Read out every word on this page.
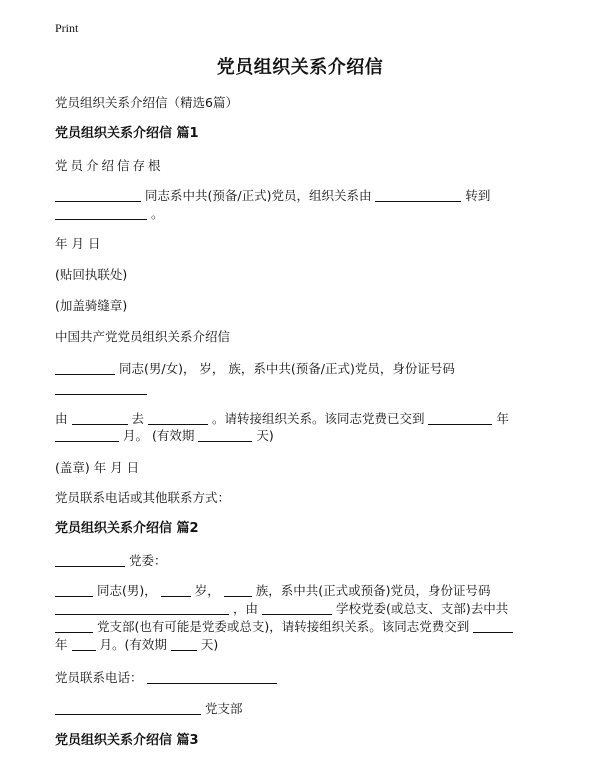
Print
党员组织关系介绍信
党员组织关系介绍信（精选6篇）
党员组织关系介绍信 篇1
党员介绍信存根
同志系中共(预备/正式)党员，组织关系由	转到
。
年 月 日
(贴回执联处)
(加盖骑缝章)
中国共产党党员组织关系介绍信
同志(男/女)， 岁， 族，系中共(预备/正式)党员，身份证号码
由	去	。请转接组织关系。该同志党费已交到	年
月。 (有效期	天)
(盖章) 年 月 日
党员联系电话或其他联系方式：
党员组织关系介绍信 篇2
党委：
同志(男)，	岁，	族，系中共(正式或预备)党员，身份证号码
，由	学校党委(或总支、支部)去中共
党支部(也有可能是党委或总支)，请转接组织关系。该同志党费交到
年	月。(有效期	天)
党员联系电话：
党支部
党员组织关系介绍信 篇3
